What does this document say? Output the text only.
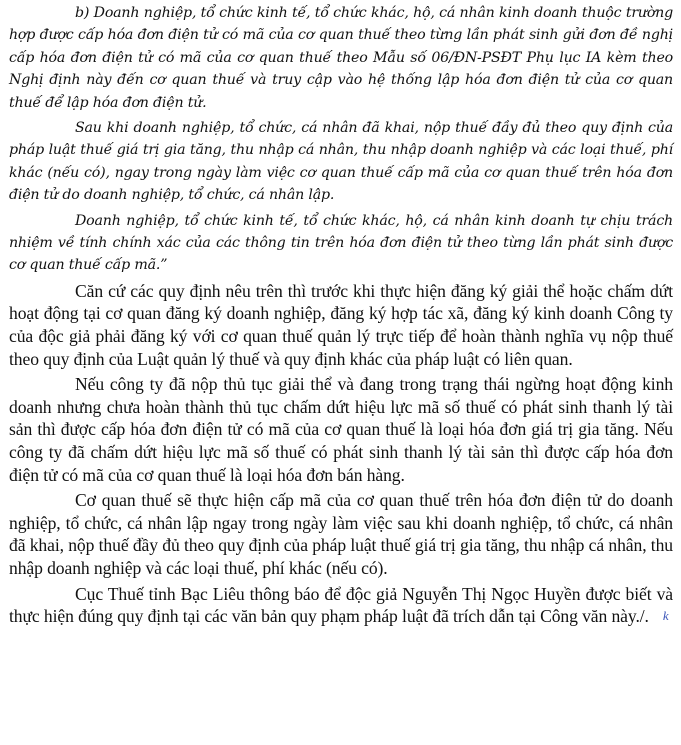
b) Doanh nghiệp, tổ chức kinh tế, tổ chức khác, hộ, cá nhân kinh doanh thuộc trường hợp được cấp hóa đơn điện tử có mã của cơ quan thuế theo từng lần phát sinh gửi đơn đề nghị cấp hóa đơn điện tử có mã của cơ quan thuế theo Mẫu số 06/ĐN-PSĐT Phụ lục IA kèm theo Nghị định này đến cơ quan thuế và truy cập vào hệ thống lập hóa đơn điện tử của cơ quan thuế để lập hóa đơn điện tử.

Sau khi doanh nghiệp, tổ chức, cá nhân đã khai, nộp thuế đầy đủ theo quy định của pháp luật thuế giá trị gia tăng, thu nhập cá nhân, thu nhập doanh nghiệp và các loại thuế, phí khác (nếu có), ngay trong ngày làm việc cơ quan thuế cấp mã của cơ quan thuế trên hóa đơn điện tử do doanh nghiệp, tổ chức, cá nhân lập.

Doanh nghiệp, tổ chức kinh tế, tổ chức khác, hộ, cá nhân kinh doanh tự chịu trách nhiệm về tính chính xác của các thông tin trên hóa đơn điện tử theo từng lần phát sinh được cơ quan thuế cấp mã.”

Căn cứ các quy định nêu trên thì trước khi thực hiện đăng ký giải thể hoặc chấm dứt hoạt động tại cơ quan đăng ký doanh nghiệp, đăng ký hợp tác xã, đăng ký kinh doanh Công ty của độc giả phải đăng ký với cơ quan thuế quản lý trực tiếp để hoàn thành nghĩa vụ nộp thuế theo quy định của Luật quản lý thuế và quy định khác của pháp luật có liên quan.

Nếu công ty đã nộp thủ tục giải thể và đang trong trạng thái ngừng hoạt động kinh doanh nhưng chưa hoàn thành thủ tục chấm dứt hiệu lực mã số thuế có phát sinh thanh lý tài sản thì được cấp hóa đơn điện tử có mã của cơ quan thuế là loại hóa đơn giá trị gia tăng. Nếu công ty đã chấm dứt hiệu lực mã số thuế có phát sinh thanh lý tài sản thì được cấp hóa đơn điện tử có mã của cơ quan thuế là loại hóa đơn bán hàng.

Cơ quan thuế sẽ thực hiện cấp mã của cơ quan thuế trên hóa đơn điện tử do doanh nghiệp, tổ chức, cá nhân lập ngay trong ngày làm việc sau khi doanh nghiệp, tổ chức, cá nhân đã khai, nộp thuế đầy đủ theo quy định của pháp luật thuế giá trị gia tăng, thu nhập cá nhân, thu nhập doanh nghiệp và các loại thuế, phí khác (nếu có).

Cục Thuế tỉnh Bạc Liêu thông báo để độc giả Nguyễn Thị Ngọc Huyền được biết và thực hiện đúng quy định tại các văn bản quy phạm pháp luật đã trích dẫn tại Công văn này./. k
